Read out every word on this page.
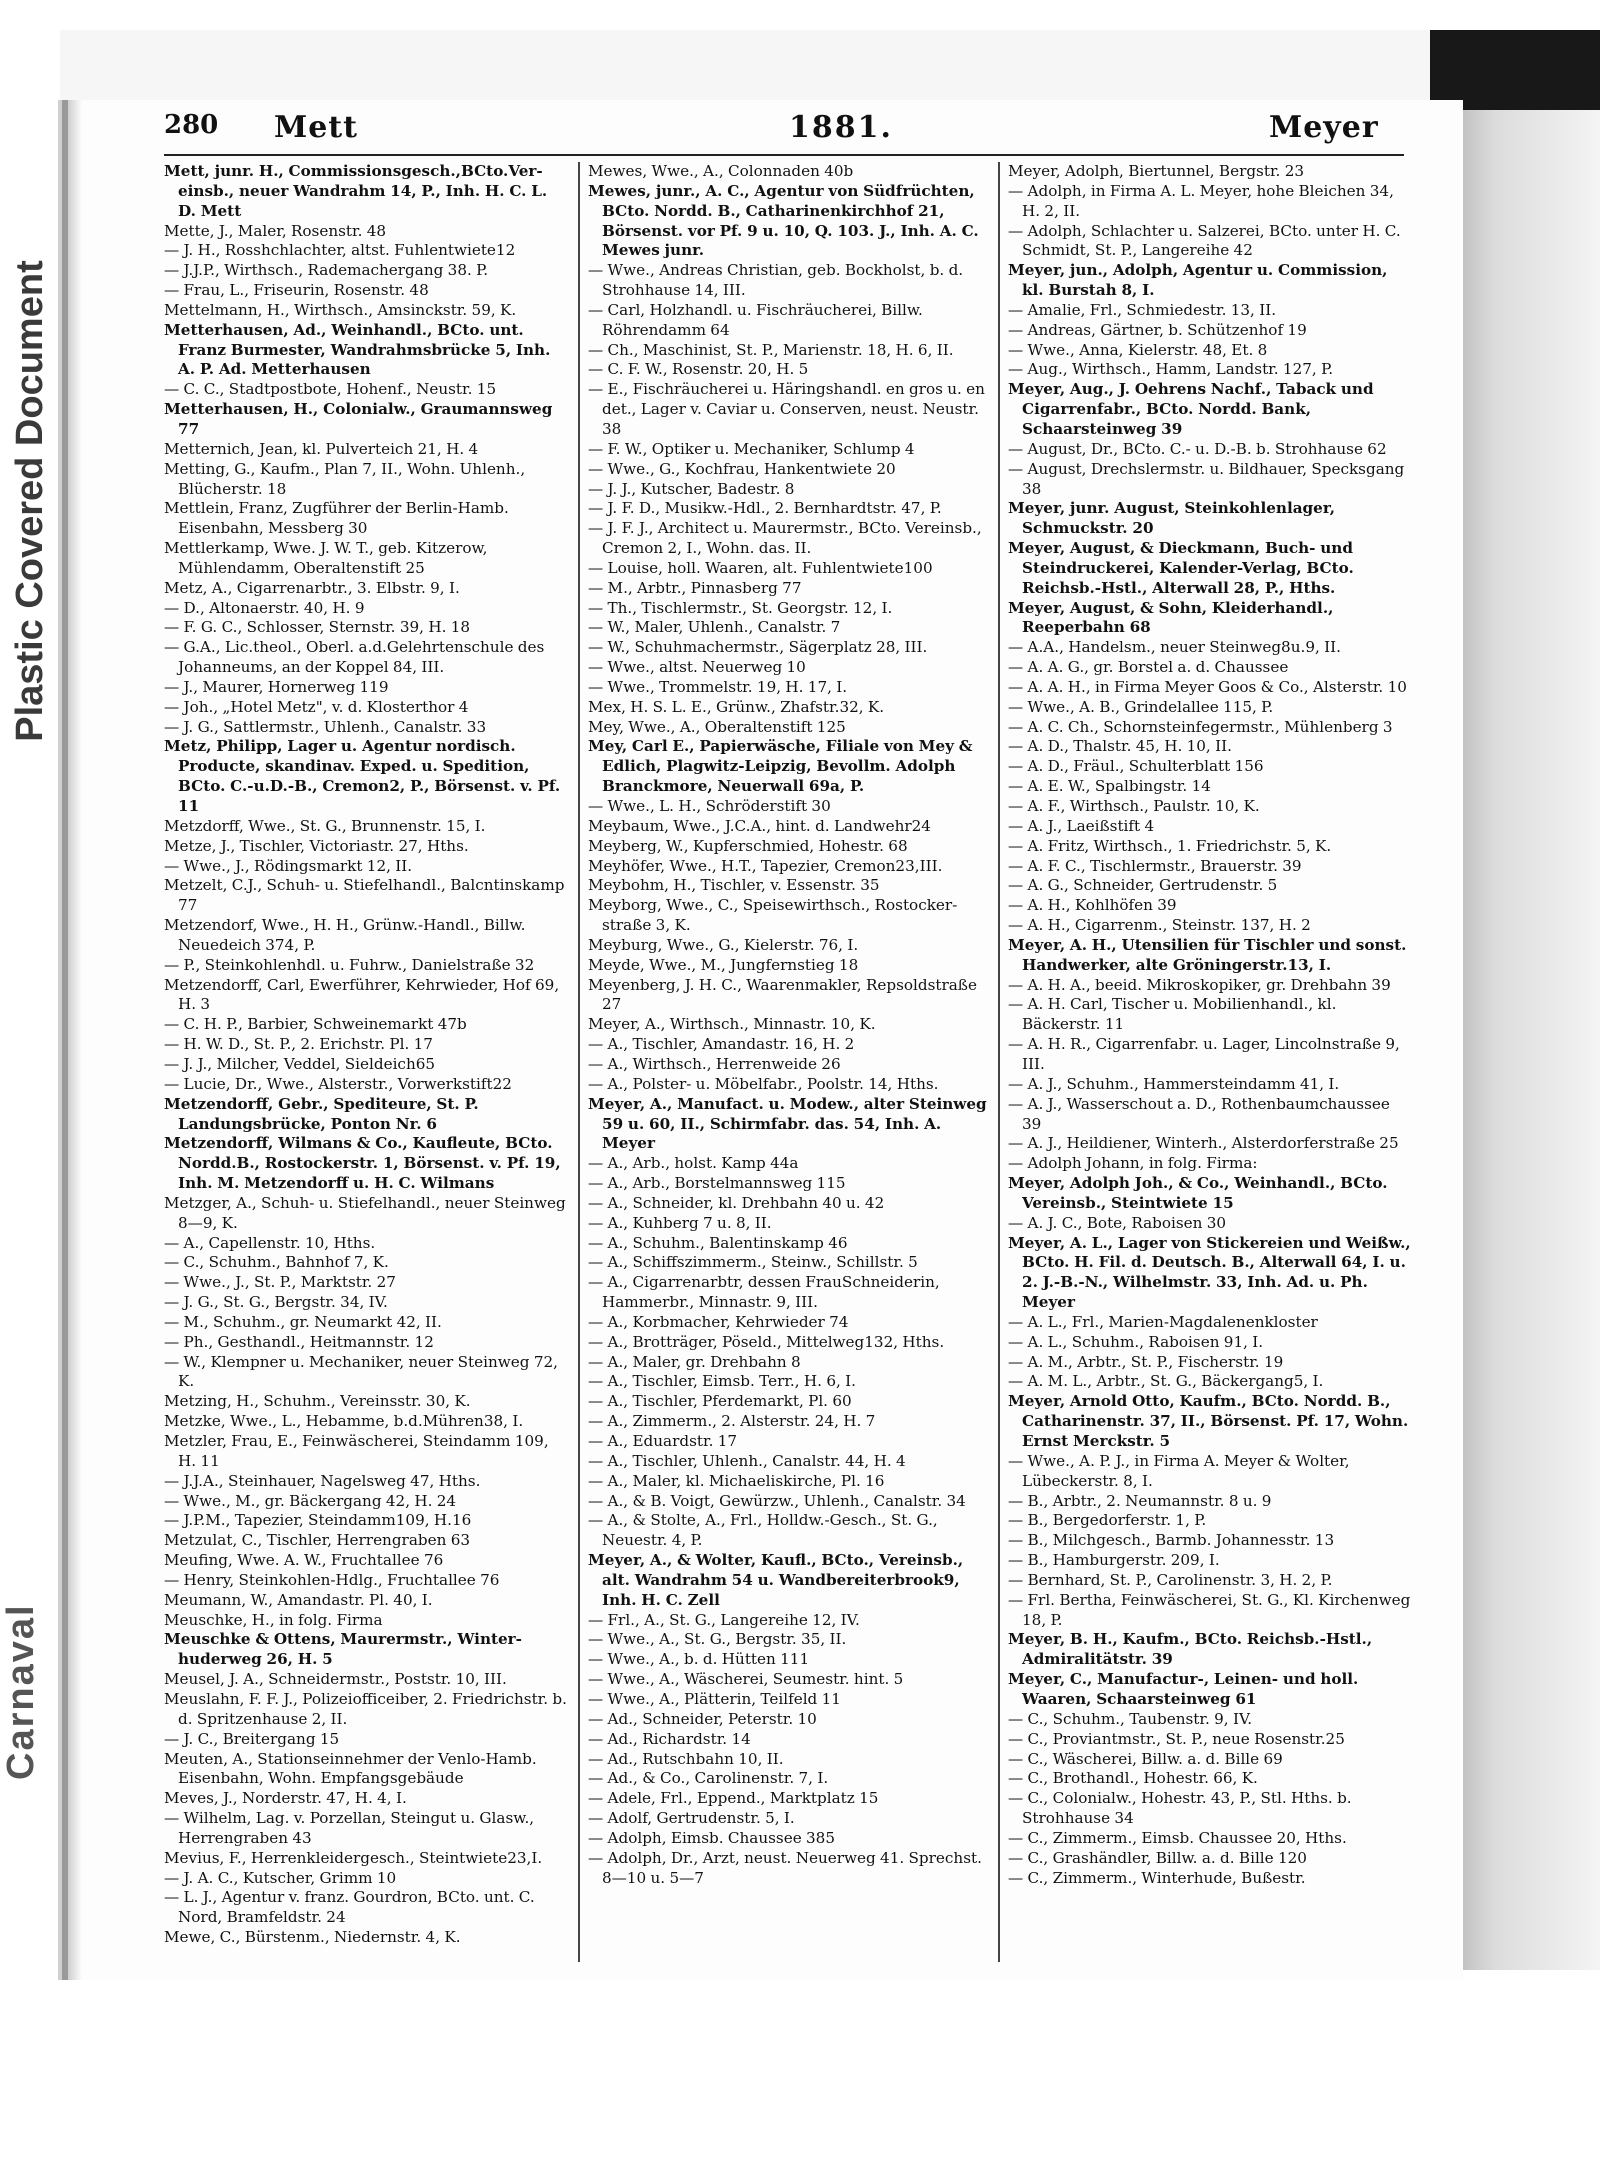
Plastic Covered Document
Carnaval
280 Mett	1881.	Meyer

Mett, junr. H., Commissionsgesch.,BCto.Vereinsb., neuer Wandrahm 14, P., Inh. H. C. L. D. Mett

Mette, J., Maler, Rosenstr. 48

— J. H., Rosshchlachter, altst. Fuhlentwiete12

— J.J.P., Wirthsch., Rademachergang 38. P.

— Frau, L., Friseurin, Rosenstr. 48

Mettelmann, H., Wirthsch., Amsinckstr. 59, K.

Metterhausen, Ad., Weinhandl., BCto. unt. Franz Burmester, Wandrahmsbrücke 5, Inh. A. P. Ad. Metterhausen

— C. C., Stadtpostbote, Hohenf., Neustr. 15

Metterhausen, H., Colonialw., Graumannsweg 77

Metternich, Jean, kl. Pulverteich 21, H. 4

Metting, G., Kaufm., Plan 7, II., Wohn. Uhlenh., Blücherstr. 18

Mettlein, Franz, Zugführer der Berlin-Hamb. Eisenbahn, Messberg 30

Mettlerkamp, Wwe. J. W. T., geb. Kitzerow, Mühlendamm, Oberaltenstift 25

Metz, A., Cigarrenarbtr., 3. Elbstr. 9, I.

— D., Altonaerstr. 40, H. 9

— F. G. C., Schlosser, Sternstr. 39, H. 18

— G.A., Lic.theol., Oberl. a.d.Gelehrtenschule des Johanneums, an der Koppel 84, III.

— J., Maurer, Hornerweg 119

— Joh., „Hotel Metz", v. d. Klosterthor 4

— J. G., Sattlermstr., Uhlenh., Canalstr. 33

Metz, Philipp, Lager u. Agentur nordisch. Producte, skandinav. Exped. u. Spedition, BCto. C.-u.D.-B., Cremon2, P., Börsenst. v. Pf. 11

Metzdorff, Wwe., St. G., Brunnenstr. 15, I.

Metze, J., Tischler, Victoriastr. 27, Hths.

— Wwe., J., Rödingsmarkt 12, II.

Metzelt, C.J., Schuh- u. Stiefelhandl., Balcntinskamp 77

Metzendorf, Wwe., H. H., Grünw.-Handl., Billw. Neuedeich 374, P.

— P., Steinkohlenhdl. u. Fuhrw., Danielstraße 32

Metzendorff, Carl, Ewerführer, Kehrwieder, Hof 69, H. 3

— C. H. P., Barbier, Schweinemarkt 47b

— H. W. D., St. P., 2. Erichstr. Pl. 17

— J. J., Milcher, Veddel, Sieldeich65

— Lucie, Dr., Wwe., Alsterstr., Vorwerkstift22

Metzendorff, Gebr., Spediteure, St. P. Landungsbrücke, Ponton Nr. 6

Metzendorff, Wilmans & Co., Kaufleute, BCto. Nordd.B., Rostockerstr. 1, Börsenst. v. Pf. 19, Inh. M. Metzendorff u. H. C. Wilmans

Metzger, A., Schuh- u. Stiefelhandl., neuer Steinweg 8—9, K.

— A., Capellenstr. 10, Hths.

— C., Schuhm., Bahnhof 7, K.

— Wwe., J., St. P., Marktstr. 27

— J. G., St. G., Bergstr. 34, IV.

— M., Schuhm., gr. Neumarkt 42, II.

— Ph., Gesthandl., Heitmannstr. 12

— W., Klempner u. Mechaniker, neuer Steinweg 72, K.

Metzing, H., Schuhm., Vereinsstr. 30, K.

Metzke, Wwe., L., Hebamme, b.d.Mühren38, I.

Metzler, Frau, E., Feinwäscherei, Steindamm 109, H. 11

— J.J.A., Steinhauer, Nagelsweg 47, Hths.

— Wwe., M., gr. Bäckergang 42, H. 24

— J.P.M., Tapezier, Steindamm109, H.16

Metzulat, C., Tischler, Herrengraben 63

Meufing, Wwe. A. W., Fruchtallee 76

— Henry, Steinkohlen-Hdlg., Fruchtallee 76

Meumann, W., Amandastr. Pl. 40, I.

Meuschke, H., in folg. Firma

Meuschke & Ottens, Maurermstr., Winterhuderweg 26, H. 5

Meusel, J. A., Schneidermstr., Poststr. 10, III.

Meuslahn, F. F. J., Polizeiofficeiber, 2. Friedrichstr. b. d. Spritzenhause 2, II.

— J. C., Breitergang 15

Meuten, A., Stationseinnehmer der Venlo-Hamb. Eisenbahn, Wohn. Empfangsgebäude

Meves, J., Norderstr. 47, H. 4, I.

— Wilhelm, Lag. v. Porzellan, Steingut u. Glasw., Herrengraben 43

Mevius, F., Herrenkleidergesch., Steintwiete23,I.

— J. A. C., Kutscher, Grimm 10

— L. J., Agentur v. franz. Gourdron, BCto. unt. C. Nord, Bramfeldstr. 24

Mewe, C., Bürstenm., Niedernstr. 4, K.

Mewes, Wwe., A., Colonnaden 40b

Mewes, junr., A. C., Agentur von Südfrüchten, BCto. Nordd. B., Catharinenkirchhof 21, Börsenst. vor Pf. 9 u. 10, Q. 103. J., Inh. A. C. Mewes junr.

— Wwe., Andreas Christian, geb. Bockholst, b. d. Strohhause 14, III.

— Carl, Holzhandl. u. Fischräucherei, Billw. Röhrendamm 64

— Ch., Maschinist, St. P., Marienstr. 18, H. 6, II.

— C. F. W., Rosenstr. 20, H. 5

— E., Fischräucherei u. Häringshandl. en gros u. en det., Lager v. Caviar u. Conserven, neust. Neustr. 38

— F. W., Optiker u. Mechaniker, Schlump 4

— Wwe., G., Kochfrau, Hankentwiete 20

— J. J., Kutscher, Badestr. 8

— J. F. D., Musikw.-Hdl., 2. Bernhardtstr. 47, P.

— J. F. J., Architect u. Maurermstr., BCto. Vereinsb., Cremon 2, I., Wohn. das. II.

— Louise, holl. Waaren, alt. Fuhlentwiete100

— M., Arbtr., Pinnasberg 77

— Th., Tischlermstr., St. Georgstr. 12, I.

— W., Maler, Uhlenh., Canalstr. 7

— W., Schuhmachermstr., Sägerplatz 28, III.

— Wwe., altst. Neuerweg 10

— Wwe., Trommelstr. 19, H. 17, I.

Mex, H. S. L. E., Grünw., Zhafstr.32, K.

Mey, Wwe., A., Oberaltenstift 125

Mey, Carl E., Papierwäsche, Filiale von Mey & Edlich, Plagwitz-Leipzig, Bevollm. Adolph Branckmore, Neuerwall 69a, P.

— Wwe., L. H., Schröderstift 30

Meybaum, Wwe., J.C.A., hint. d. Landwehr24

Meyberg, W., Kupferschmied, Hohestr. 68

Meyhöfer, Wwe., H.T., Tapezier, Cremon23,III.

Meybohm, H., Tischler, v. Essenstr. 35

Meyborg, Wwe., C., Speisewirthsch., Rostockerstraße 3, K.

Meyburg, Wwe., G., Kielerstr. 76, I.

Meyde, Wwe., M., Jungfernstieg 18

Meyenberg, J. H. C., Waarenmakler, Repsoldstraße 27

Meyer, A., Wirthsch., Minnastr. 10, K.

— A., Tischler, Amandastr. 16, H. 2

— A., Wirthsch., Herrenweide 26

— A., Polster- u. Möbelfabr., Poolstr. 14, Hths.

Meyer, A., Manufact. u. Modew., alter Steinweg 59 u. 60, II., Schirmfabr. das. 54, Inh. A. Meyer

— A., Arb., holst. Kamp 44a

— A., Arb., Borstelmannsweg 115

— A., Schneider, kl. Drehbahn 40 u. 42

— A., Kuhberg 7 u. 8, II.

— A., Schuhm., Balentinskamp 46

— A., Schiffszimmerm., Steinw., Schillstr. 5

— A., Cigarrenarbtr, dessen FrauSchneiderin, Hammerbr., Minnastr. 9, III.

— A., Korbmacher, Kehrwieder 74

— A., Brotträger, Pöseld., Mittelweg132, Hths.

— A., Maler, gr. Drehbahn 8

— A., Tischler, Eimsb. Terr., H. 6, I.

— A., Tischler, Pferdemarkt, Pl. 60

— A., Zimmerm., 2. Alsterstr. 24, H. 7

— A., Eduardstr. 17

— A., Tischler, Uhlenh., Canalstr. 44, H. 4

— A., Maler, kl. Michaeliskirche, Pl. 16

— A., & B. Voigt, Gewürzw., Uhlenh., Canalstr. 34

— A., & Stolte, A., Frl., Holldw.-Gesch., St. G., Neuestr. 4, P.

Meyer, A., & Wolter, Kaufl., BCto., Vereinsb., alt. Wandrahm 54 u. Wandbereiterbrook9, Inh. H. C. Zell

— Frl., A., St. G., Langereihe 12, IV.

— Wwe., A., St. G., Bergstr. 35, II.

— Wwe., A., b. d. Hütten 111

— Wwe., A., Wäscherei, Seumestr. hint. 5

— Wwe., A., Plätterin, Teilfeld 11

— Ad., Schneider, Peterstr. 10

— Ad., Richardstr. 14

— Ad., Rutschbahn 10, II.

— Ad., & Co., Carolinenstr. 7, I.

— Adele, Frl., Eppend., Marktplatz 15

— Adolf, Gertrudenstr. 5, I.

— Adolph, Eimsb. Chaussee 385

— Adolph, Dr., Arzt, neust. Neuerweg 41. Sprechst. 8—10 u. 5—7

Meyer, Adolph, Biertunnel, Bergstr. 23

— Adolph, in Firma A. L. Meyer, hohe Bleichen 34, H. 2, II.

— Adolph, Schlachter u. Salzerei, BCto. unter H. C. Schmidt, St. P., Langereihe 42

Meyer, jun., Adolph, Agentur u. Commission, kl. Burstah 8, I.

— Amalie, Frl., Schmiedestr. 13, II.

— Andreas, Gärtner, b. Schützenhof 19

— Wwe., Anna, Kielerstr. 48, Et. 8

— Aug., Wirthsch., Hamm, Landstr. 127, P.

Meyer, Aug., J. Oehrens Nachf., Taback und Cigarrenfabr., BCto. Nordd. Bank, Schaarsteinweg 39

— August, Dr., BCto. C.- u. D.-B. b. Strohhause 62

— August, Drechslermstr. u. Bildhauer, Specksgang 38

Meyer, junr. August, Steinkohlenlager, Schmuckstr. 20

Meyer, August, & Dieckmann, Buch- und Steindruckerei, Kalender-Verlag, BCto. Reichsb.-Hstl., Alterwall 28, P., Hths.

Meyer, August, & Sohn, Kleiderhandl., Reeperbahn 68

— A.A., Handelsm., neuer Steinweg8u.9, II.

— A. A. G., gr. Borstel a. d. Chaussee

— A. A. H., in Firma Meyer Goos & Co., Alsterstr. 10

— Wwe., A. B., Grindelallee 115, P.

— A. C. Ch., Schornsteinfegermstr., Mühlenberg 3

— A. D., Thalstr. 45, H. 10, II.

— A. D., Fräul., Schulterblatt 156

— A. E. W., Spalbingstr. 14

— A. F., Wirthsch., Paulstr. 10, K.

— A. J., Laeißstift 4

— A. Fritz, Wirthsch., 1. Friedrichstr. 5, K.

— A. F. C., Tischlermstr., Brauerstr. 39

— A. G., Schneider, Gertrudenstr. 5

— A. H., Kohlhöfen 39

— A. H., Cigarrenm., Steinstr. 137, H. 2

Meyer, A. H., Utensilien für Tischler und sonst. Handwerker, alte Gröningerstr.13, I.

— A. H. A., beeid. Mikroskopiker, gr. Drehbahn 39

— A. H. Carl, Tischer u. Mobilienhandl., kl. Bäckerstr. 11

— A. H. R., Cigarrenfabr. u. Lager, Lincolnstraße 9, III.

— A. J., Schuhm., Hammersteindamm 41, I.

— A. J., Wasserschout a. D., Rothenbaumchaussee 39

— A. J., Heildiener, Winterh., Alsterdorferstraße 25

— Adolph Johann, in folg. Firma:

Meyer, Adolph Joh., & Co., Weinhandl., BCto. Vereinsb., Steintwiete 15

— A. J. C., Bote, Raboisen 30

Meyer, A. L., Lager von Stickereien und Weißw., BCto. H. Fil. d. Deutsch. B., Alterwall 64, I. u. 2. J.-B.-N., Wilhelmstr. 33, Inh. Ad. u. Ph. Meyer

— A. L., Frl., Marien-Magdalenenkloster

— A. L., Schuhm., Raboisen 91, I.

— A. M., Arbtr., St. P., Fischerstr. 19

— A. M. L., Arbtr., St. G., Bäckergang5, I.

Meyer, Arnold Otto, Kaufm., BCto. Nordd. B., Catharinenstr. 37, II., Börsenst. Pf. 17, Wohn. Ernst Merckstr. 5

— Wwe., A. P. J., in Firma A. Meyer & Wolter, Lübeckerstr. 8, I.

— B., Arbtr., 2. Neumannstr. 8 u. 9

— B., Bergedorferstr. 1, P.

— B., Milchgesch., Barmb. Johannesstr. 13

— B., Hamburgerstr. 209, I.

— Bernhard, St. P., Carolinenstr. 3, H. 2, P.

— Frl. Bertha, Feinwäscherei, St. G., Kl. Kirchenweg 18, P.

Meyer, B. H., Kaufm., BCto. Reichsb.-Hstl., Admiralitätstr. 39

Meyer, C., Manufactur-, Leinen- und holl. Waaren, Schaarsteinweg 61

— C., Schuhm., Taubenstr. 9, IV.

— C., Proviantmstr., St. P., neue Rosenstr.25

— C., Wäscherei, Billw. a. d. Bille 69

— C., Brothandl., Hohestr. 66, K.

— C., Colonialw., Hohestr. 43, P., Stl. Hths. b. Strohhause 34

— C., Zimmerm., Eimsb. Chaussee 20, Hths.

— C., Grashändler, Billw. a. d. Bille 120

— C., Zimmerm., Winterhude, Bußestr.
